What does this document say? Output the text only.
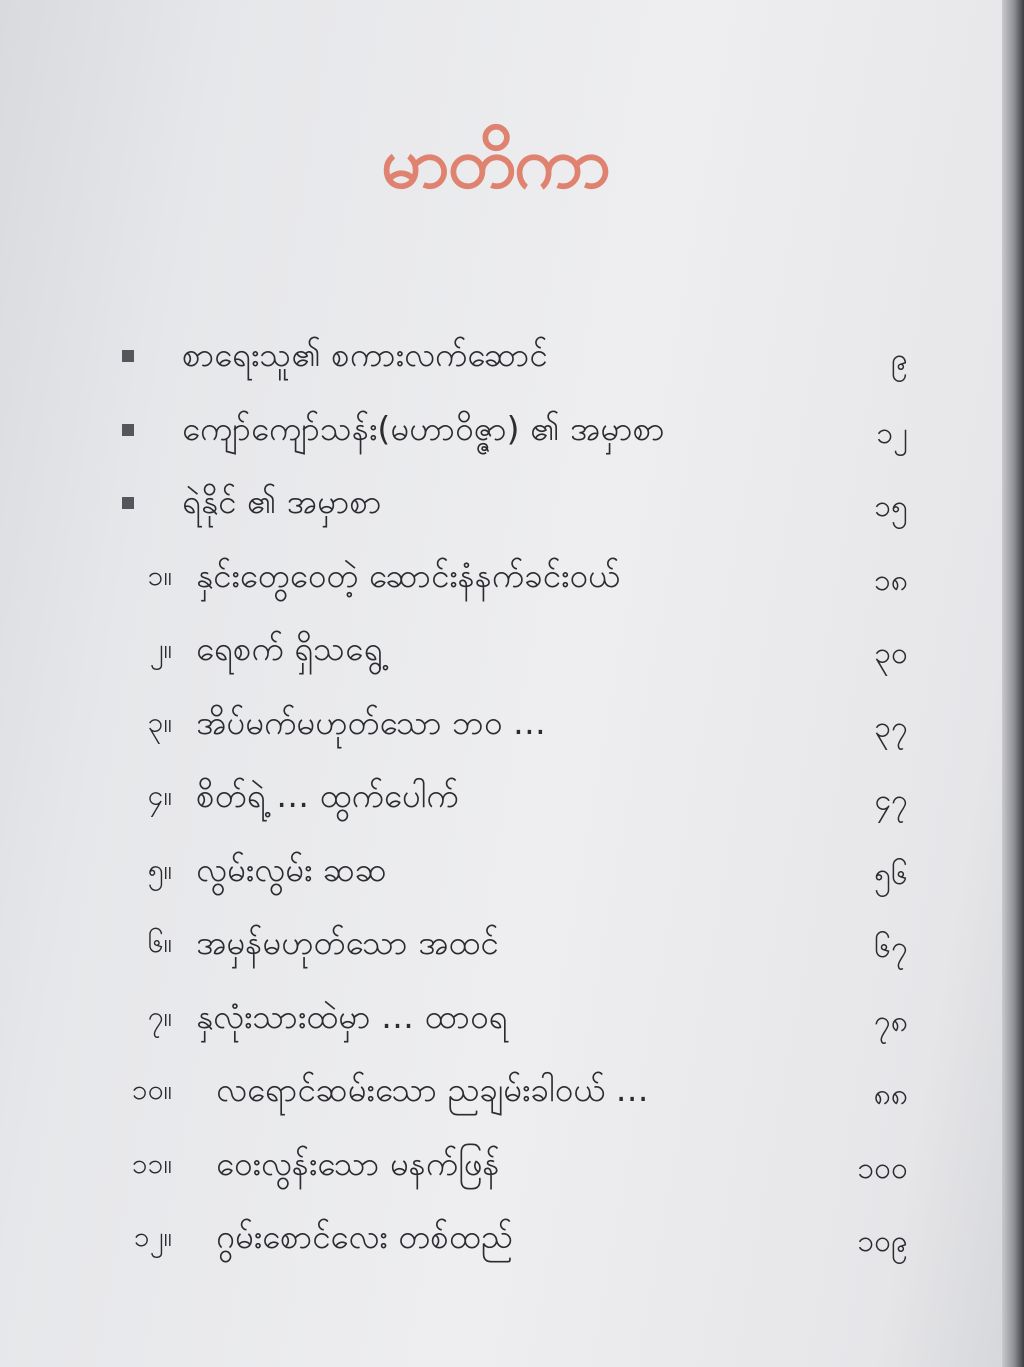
မာတိကာ
စာရေးသူ၏ စကားလက်ဆောင်	၉
ကျော်ကျော်သန်း(မဟာဝိဇ္ဇာ) ၏ အမှာစာ	၁၂
ရဲနိုင် ၏ အမှာစာ	၁၅
၁။ နှင်းတွေဝေတဲ့ ဆောင်းနံနက်ခင်းဝယ်	၁၈
၂။ ရေစက် ရှိသရွေ့	၃၀
၃။ အိပ်မက်မဟုတ်သော ဘဝ …	၃၇
၄။ စိတ်ရဲ့ … ထွက်ပေါက်	၄၇
၅။ လွမ်းလွမ်း ဆဆ	၅၆
၆။ အမှန်မဟုတ်သော အထင်	၆၇
၇။ နှလုံးသားထဲမှာ … ထာဝရ	၇၈
၁၀။ လရောင်ဆမ်းသော ညချမ်းခါဝယ် …	၈၈
၁၁။ ဝေးလွန်းသော မနက်ဖြန်	၁၀၀
၁၂။ ဂွမ်းစောင်လေး တစ်ထည်	၁၀၉
